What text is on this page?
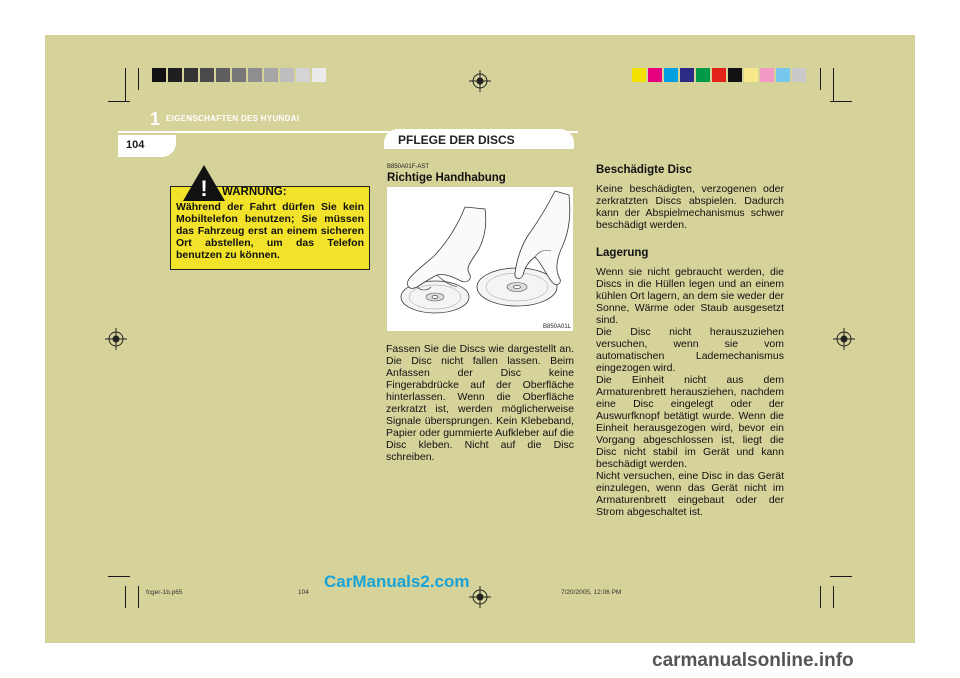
1 EIGENSCHAFTEN DES HYUNDAI
104	PFLEGE DER DISCS
! WARNUNG:
Während der Fahrt dürfen Sie kein Mobiltelefon benutzen; Sie müssen das Fahrzeug erst an einem sicheren Ort abstellen, um das Telefon benutzen zu können.
B850A01F-AST
Richtige Handhabung
B850A01L
Fassen Sie die Discs wie dargestellt an. Die Disc nicht fallen lassen. Beim Anfassen der Disc keine Fingerabdrücke auf der Oberfläche hinterlassen. Wenn die Oberfläche zerkratzt ist, werden möglicherweise Signale übersprungen. Kein Klebeband, Papier oder gummierte Aufkleber auf die Disc kleben. Nicht auf die Disc schreiben.
Beschädigte Disc
Keine beschädigten, verzogenen oder zerkratzten Discs abspielen. Dadurch kann der Abspielmechanismus schwer beschädigt werden.
Lagerung
Wenn sie nicht gebraucht werden, die Discs in die Hüllen legen und an einem kühlen Ort lagern, an dem sie weder der Sonne, Wärme oder Staub ausgesetzt sind.
Die Disc nicht herauszuziehen versuchen, wenn sie vom automatischen Lademechanismus eingezogen wird.
Die Einheit nicht aus dem Armaturenbrett herausziehen, nachdem eine Disc eingelegt oder der Auswurfknopf betätigt wurde. Wenn die Einheit herausgezogen wird, bevor ein Vorgang abgeschlossen ist, liegt die Disc nicht stabil im Gerät und kann beschädigt werden.
Nicht versuchen, eine Disc in das Gerät einzulegen, wenn das Gerät nicht im Armaturenbrett eingebaut oder der Strom abgeschaltet ist.
fcger-1b.p65	104	7/20/2005, 12:06 PM
CarManuals2.com
carmanualsonline.info
